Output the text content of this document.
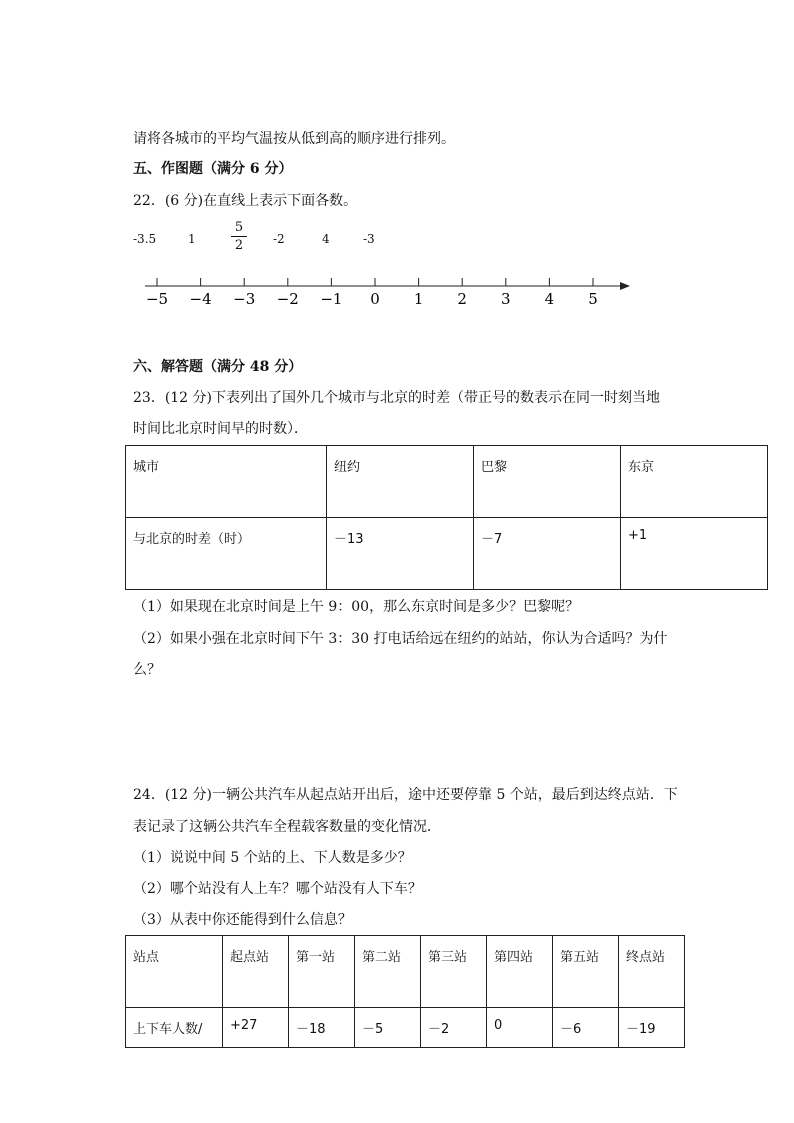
请将各城市的平均气温按从低到高的顺序进行排列。
五、作图题（满分 6 分）
22．(6 分)在直线上表示下面各数。
-3.5	1
5
2	-2	4	-3
−5 −4 −3 −2 −1 0 1 2 3 4 5
六、解答题（满分 48 分）
23．(12 分)下表列出了国外几个城市与北京的时差（带正号的数表示在同一时刻当地
时间比北京时间早的时数）．
城市	纽约	巴黎	东京

与北京的时差（时）	－13	－7	+1
（1）如果现在北京时间是上午 9：00，那么东京时间是多少？巴黎呢？
（2）如果小强在北京时间下午 3：30 打电话给远在纽约的站站，你认为合适吗？为什
么？
24．(12 分)一辆公共汽车从起点站开出后，途中还要停靠 5 个站，最后到达终点站．下
表记录了这辆公共汽车全程载客数量的变化情况．
（1）说说中间 5 个站的上、下人数是多少？
（2）哪个站没有人上车？哪个站没有人下车？
（3）从表中你还能得到什么信息？
站点	起点站	第一站	第二站	第三站	第四站	第五站	终点站

上下车人数/	+27	－18	－5	－2	0	－6	－19
